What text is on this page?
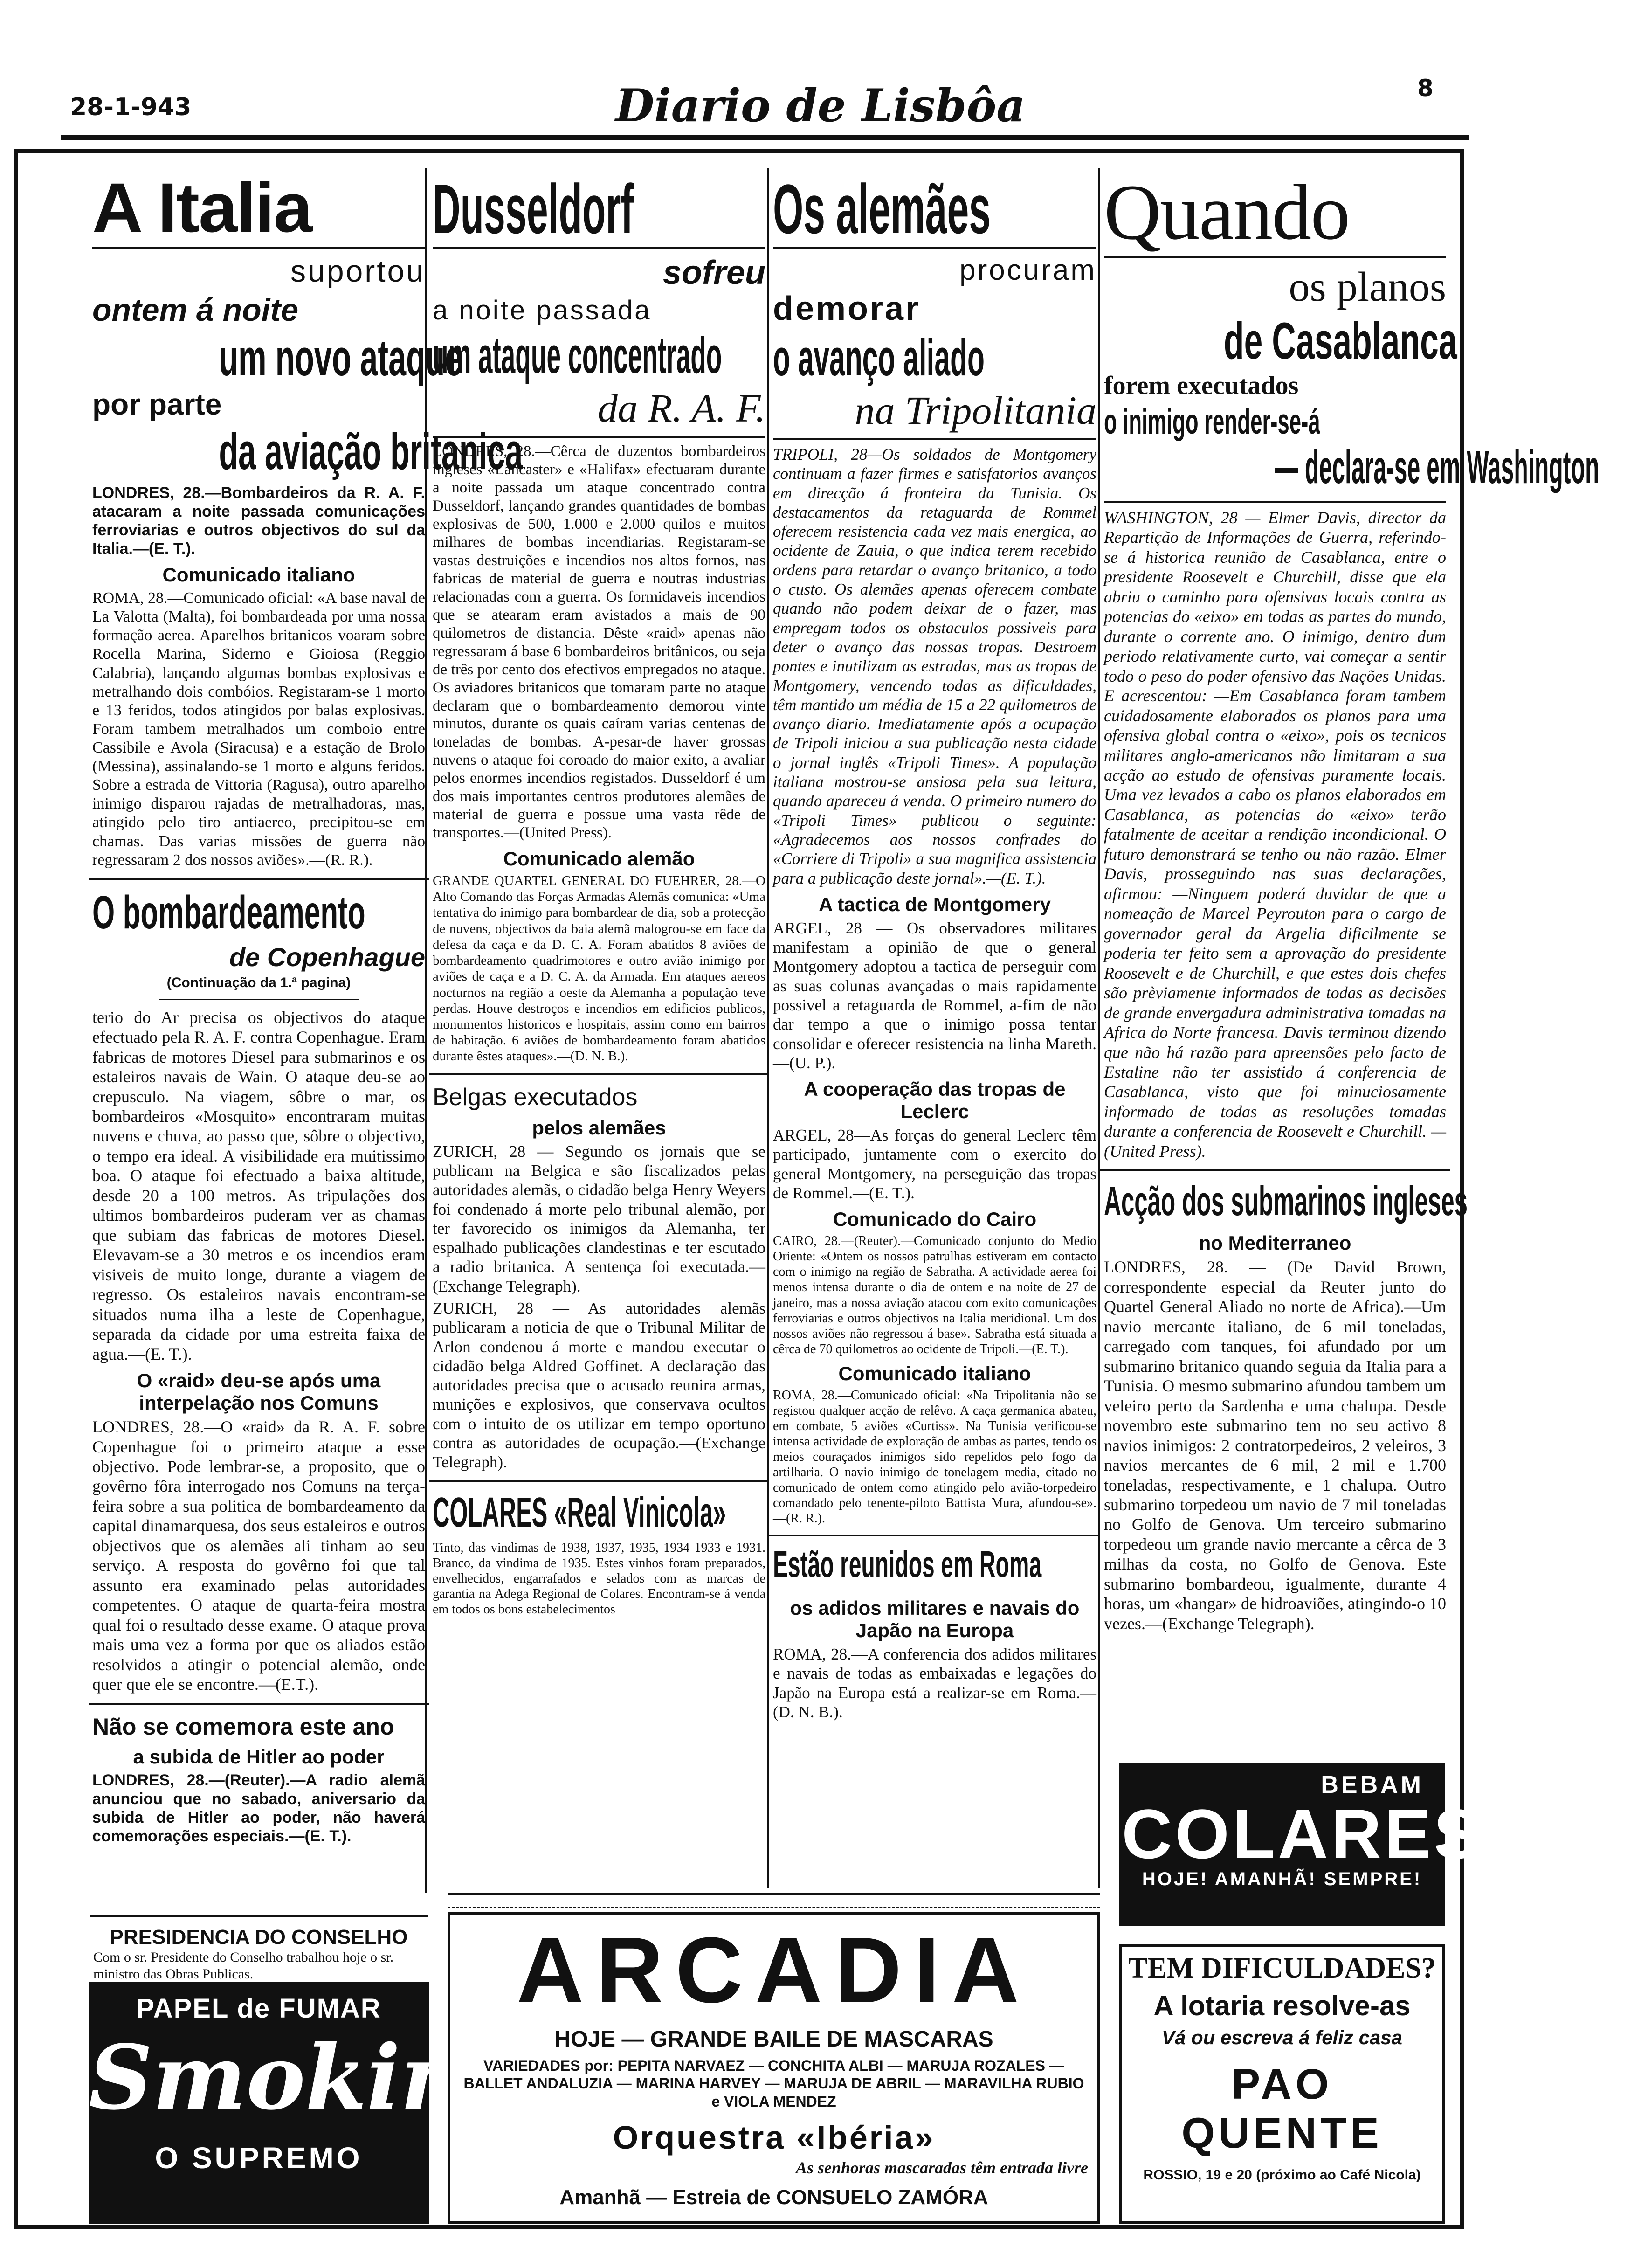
28-1-943	Diario de Lisbôa	8
A Italia
suportou
ontem á noite
um novo ataque
por parte
da aviação britanica
LONDRES, 28.—Bombardeiros da R. A. F. atacaram a noite passada comunicações ferroviarias e outros objectivos do sul da Italia.—(E. T.).
Comunicado italiano
ROMA, 28.—Comunicado oficial: «A base naval de La Valotta (Malta), foi bombardeada por uma nossa formação aerea. Aparelhos britanicos voaram sobre Rocella Marina, Siderno e Gioiosa (Reggio Calabria), lançando algumas bombas explosivas e metralhando dois combóios. Registaram-se 1 morto e 13 feridos, todos atingidos por balas explosivas. Foram tambem metralhados um comboio entre Cassibile e Avola (Siracusa) e a estação de Brolo (Messina), assinalando-se 1 morto e alguns feridos. Sobre a estrada de Vittoria (Ragusa), outro aparelho inimigo disparou rajadas de metralhadoras, mas, atingido pelo tiro antiaereo, precipitou-se em chamas. Das varias missões de guerra não regressaram 2 dos nossos aviões».—(R. R.).
O bombardeamento
de Copenhague
(Continuação da 1.ª pagina)
terio do Ar precisa os objectivos do ataque efectuado pela R. A. F. contra Copenhague. Eram fabricas de motores Diesel para submarinos e os estaleiros navais de Wain. O ataque deu-se ao crepusculo. Na viagem, sôbre o mar, os bombardeiros «Mosquito» encontraram muitas nuvens e chuva, ao passo que, sôbre o objectivo, o tempo era ideal. A visibilidade era muitissimo boa. O ataque foi efectuado a baixa altitude, desde 20 a 100 metros. As tripulações dos ultimos bombardeiros puderam ver as chamas que subiam das fabricas de motores Diesel. Elevavam-se a 30 metros e os incendios eram visiveis de muito longe, durante a viagem de regresso. Os estaleiros navais encontram-se situados numa ilha a leste de Copenhague, separada da cidade por uma estreita faixa de agua.—(E. T.).
O «raid» deu-se após uma interpelação nos Comuns
LONDRES, 28.—O «raid» da R. A. F. sobre Copenhague foi o primeiro ataque a esse objectivo. Pode lembrar-se, a proposito, que o govêrno fôra interrogado nos Comuns na terça-feira sobre a sua politica de bombardeamento da capital dinamarquesa, dos seus estaleiros e outros objectivos que os alemães ali tinham ao seu serviço. A resposta do govêrno foi que tal assunto era examinado pelas autoridades competentes. O ataque de quarta-feira mostra qual foi o resultado desse exame. O ataque prova mais uma vez a forma por que os aliados estão resolvidos a atingir o potencial alemão, onde quer que ele se encontre.—(E.T.).
Não se comemora este ano
a subida de Hitler ao poder
LONDRES, 28.—(Reuter).—A radio alemã anunciou que no sabado, aniversario da subida de Hitler ao poder, não haverá comemorações especiais.—(E. T.).
PRESIDENCIA DO CONSELHO
Com o sr. Presidente do Conselho trabalhou hoje o sr. ministro das Obras Publicas.
Dusseldorf
sofreu
a noite passada
um ataque concentrado
da R. A. F.
LONDRES, 28.—Cêrca de duzentos bombardeiros ingleses «Lancaster» e «Halifax» efectuaram durante a noite passada um ataque concentrado contra Dusseldorf, lançando grandes quantidades de bombas explosivas de 500, 1.000 e 2.000 quilos e muitos milhares de bombas incendiarias. Registaram-se vastas destruições e incendios nos altos fornos, nas fabricas de material de guerra e noutras industrias relacionadas com a guerra. Os formidaveis incendios que se atearam eram avistados a mais de 90 quilometros de distancia. Dêste «raid» apenas não regressaram á base 6 bombardeiros britânicos, ou seja de três por cento dos efectivos empregados no ataque. Os aviadores britanicos que tomaram parte no ataque declaram que o bombardeamento demorou vinte minutos, durante os quais caíram varias centenas de toneladas de bombas. A-pesar-de haver grossas nuvens o ataque foi coroado do maior exito, a avaliar pelos enormes incendios registados. Dusseldorf é um dos mais importantes centros produtores alemães de material de guerra e possue uma vasta rêde de transportes.—(United Press).
Comunicado alemão
GRANDE QUARTEL GENERAL DO FUEHRER, 28.—O Alto Comando das Forças Armadas Alemãs comunica: «Uma tentativa do inimigo para bombardear de dia, sob a protecção de nuvens, objectivos da baia alemã malogrou-se em face da defesa da caça e da D. C. A. Foram abatidos 8 aviões de bombardeamento quadrimotores e outro avião inimigo por aviões de caça e a D. C. A. da Armada. Em ataques aereos nocturnos na região a oeste da Alemanha a população teve perdas. Houve destroços e incendios em edificios publicos, monumentos historicos e hospitais, assim como em bairros de habitação. 6 aviões de bombardeamento foram abatidos durante êstes ataques».—(D. N. B.).
Belgas executados
pelos alemães
ZURICH, 28 — Segundo os jornais que se publicam na Belgica e são fiscalizados pelas autoridades alemãs, o cidadão belga Henry Weyers foi condenado á morte pelo tribunal alemão, por ter favorecido os inimigos da Alemanha, ter espalhado publicações clandestinas e ter escutado a radio britanica. A sentença foi executada.—(Exchange Telegraph).
ZURICH, 28 — As autoridades alemãs publicaram a noticia de que o Tribunal Militar de Arlon condenou á morte e mandou executar o cidadão belga Aldred Goffinet. A declaração das autoridades precisa que o acusado reunira armas, munições e explosivos, que conservava ocultos com o intuito de os utilizar em tempo oportuno contra as autoridades de ocupação.—(Exchange Telegraph).
COLARES «Real Vinicola»
Tinto, das vindimas de 1938, 1937, 1935, 1934 1933 e 1931. Branco, da vindima de 1935. Estes vinhos foram preparados, envelhecidos, engarrafados e selados com as marcas de garantia na Adega Regional de Colares. Encontram-se á venda em todos os bons estabelecimentos
Os alemães
procuram
demorar
o avanço aliado
na Tripolitania
TRIPOLI, 28—Os soldados de Montgomery continuam a fazer firmes e satisfatorios avanços em direcção á fronteira da Tunisia. Os destacamentos da retaguarda de Rommel oferecem resistencia cada vez mais energica, ao ocidente de Zauia, o que indica terem recebido ordens para retardar o avanço britanico, a todo o custo. Os alemães apenas oferecem combate quando não podem deixar de o fazer, mas empregam todos os obstaculos possiveis para deter o avanço das nossas tropas. Destroem pontes e inutilizam as estradas, mas as tropas de Montgomery, vencendo todas as dificuldades, têm mantido um média de 15 a 22 quilometros de avanço diario. Imediatamente após a ocupação de Tripoli iniciou a sua publicação nesta cidade o jornal inglês «Tripoli Times». A população italiana mostrou-se ansiosa pela sua leitura, quando apareceu á venda. O primeiro numero do «Tripoli Times» publicou o seguinte: «Agradecemos aos nossos confrades do «Corriere di Tripoli» a sua magnifica assistencia para a publicação deste jornal».—(E. T.).
A tactica de Montgomery
ARGEL, 28 — Os observadores militares manifestam a opinião de que o general Montgomery adoptou a tactica de perseguir com as suas colunas avançadas o mais rapidamente possivel a retaguarda de Rommel, a-fim de não dar tempo a que o inimigo possa tentar consolidar e oferecer resistencia na linha Mareth.—(U. P.).
A cooperação das tropas de Leclerc
ARGEL, 28—As forças do general Leclerc têm participado, juntamente com o exercito do general Montgomery, na perseguição das tropas de Rommel.—(E. T.).
Comunicado do Cairo
CAIRO, 28.—(Reuter).—Comunicado conjunto do Medio Oriente: «Ontem os nossos patrulhas estiveram em contacto com o inimigo na região de Sabratha. A actividade aerea foi menos intensa durante o dia de ontem e na noite de 27 de janeiro, mas a nossa aviação atacou com exito comunicações ferroviarias e outros objectivos na Italia meridional. Um dos nossos aviões não regressou á base». Sabratha está situada a cêrca de 70 quilometros ao ocidente de Tripoli.—(E. T.).
Comunicado italiano
ROMA, 28.—Comunicado oficial: «Na Tripolitania não se registou qualquer acção de relêvo. A caça germanica abateu, em combate, 5 aviões «Curtiss». Na Tunisia verificou-se intensa actividade de exploração de ambas as partes, tendo os meios couraçados inimigos sido repelidos pelo fogo da artilharia. O navio inimigo de tonelagem media, citado no comunicado de ontem como atingido pelo avião-torpedeiro comandado pelo tenente-piloto Battista Mura, afundou-se».—(R. R.).
Estão reunidos em Roma
os adidos militares e navais do Japão na Europa
ROMA, 28.—A conferencia dos adidos militares e navais de todas as embaixadas e legações do Japão na Europa está a realizar-se em Roma.—(D. N. B.).
Quando
os planos
de Casablanca
forem executados
o inimigo render-se-á
— declara-se em Washington
WASHINGTON, 28 — Elmer Davis, director da Repartição de Informações de Guerra, referindo-se á historica reunião de Casablanca, entre o presidente Roosevelt e Churchill, disse que ela abriu o caminho para ofensivas locais contra as potencias do «eixo» em todas as partes do mundo, durante o corrente ano. O inimigo, dentro dum periodo relativamente curto, vai começar a sentir todo o peso do poder ofensivo das Nações Unidas. E acrescentou: —Em Casablanca foram tambem cuidadosamente elaborados os planos para uma ofensiva global contra o «eixo», pois os tecnicos militares anglo-americanos não limitaram a sua acção ao estudo de ofensivas puramente locais. Uma vez levados a cabo os planos elaborados em Casablanca, as potencias do «eixo» terão fatalmente de aceitar a rendição incondicional. O futuro demonstrará se tenho ou não razão. Elmer Davis, prosseguindo nas suas declarações, afirmou: —Ninguem poderá duvidar de que a nomeação de Marcel Peyrouton para o cargo de governador geral da Argelia dificilmente se poderia ter feito sem a aprovação do presidente Roosevelt e de Churchill, e que estes dois chefes são prèviamente informados de todas as decisões de grande envergadura administrativa tomadas na Africa do Norte francesa. Davis terminou dizendo que não há razão para apreensões pelo facto de Estaline não ter assistido á conferencia de Casablanca, visto que foi minuciosamente informado de todas as resoluções tomadas durante a conferencia de Roosevelt e Churchill. — (United Press).
Acção dos submarinos ingleses
no Mediterraneo
LONDRES, 28. — (De David Brown, correspondente especial da Reuter junto do Quartel General Aliado no norte de Africa).—Um navio mercante italiano, de 6 mil toneladas, carregado com tanques, foi afundado por um submarino britanico quando seguia da Italia para a Tunisia. O mesmo submarino afundou tambem um veleiro perto da Sardenha e uma chalupa. Desde novembro este submarino tem no seu activo 8 navios inimigos: 2 contratorpedeiros, 2 veleiros, 3 navios mercantes de 6 mil, 2 mil e 1.700 toneladas, respectivamente, e 1 chalupa. Outro submarino torpedeou um navio de 7 mil toneladas no Golfo de Genova. Um terceiro submarino torpedeou um grande navio mercante a cêrca de 3 milhas da costa, no Golfo de Genova. Este submarino bombardeou, igualmente, durante 4 horas, um «hangar» de hidroaviões, atingindo-o 10 vezes.—(Exchange Telegraph).
PAPEL de FUMAR
Smoking
O SUPREMO
ARCADIA
HOJE — GRANDE BAILE DE MASCARAS
VARIEDADES por: PEPITA NARVAEZ — CONCHITA ALBI — MARUJA ROZALES — BALLET ANDALUZIA — MARINA HARVEY — MARUJA DE ABRIL — MARAVILHA RUBIO e VIOLA MENDEZ
Orquestra «Ibéria»
As senhoras mascaradas têm entrada livre
Amanhã — Estreia de CONSUELO ZAMÓRA
BEBAM
COLARES
HOJE! AMANHÃ! SEMPRE!
TEM DIFICULDADES?
A lotaria resolve-as
Vá ou escreva á feliz casa
PAO QUENTE
ROSSIO, 19 e 20 (próximo ao Café Nicola)
